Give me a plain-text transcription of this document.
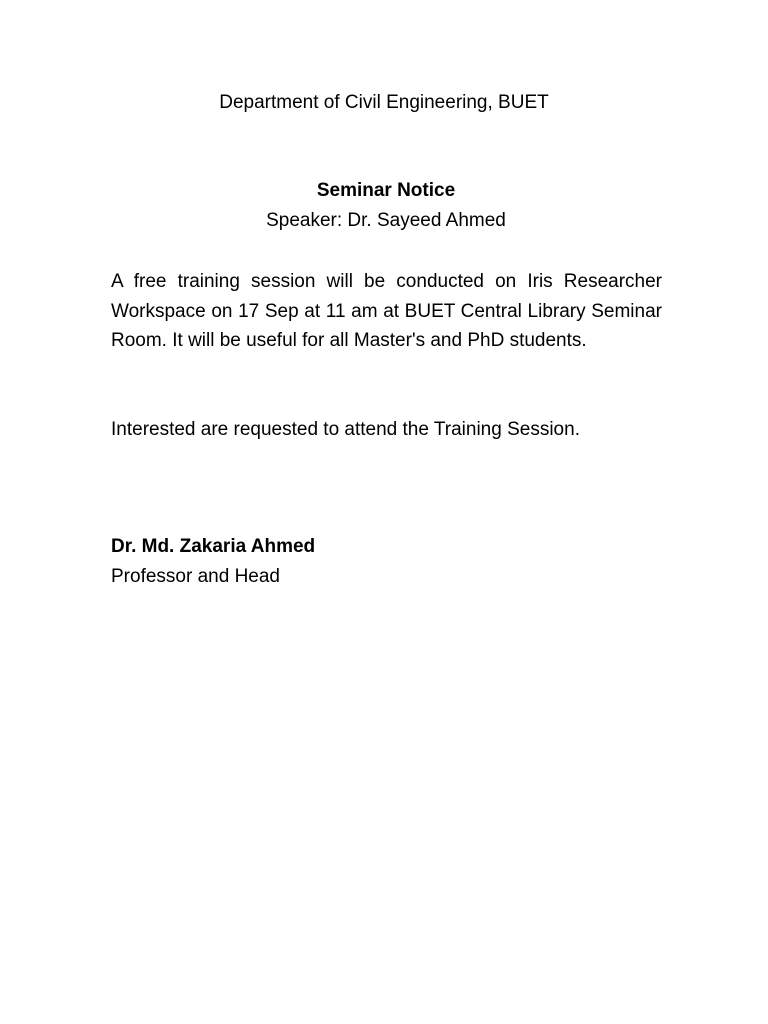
Department of Civil Engineering, BUET
Seminar Notice
Speaker: Dr. Sayeed Ahmed
A free training session will be conducted on Iris Researcher Workspace on 17 Sep at 11 am at BUET Central Library Seminar Room. It will be useful for all Master's and PhD students.
Interested are requested to attend the Training Session.
Dr. Md. Zakaria Ahmed
Professor and Head
